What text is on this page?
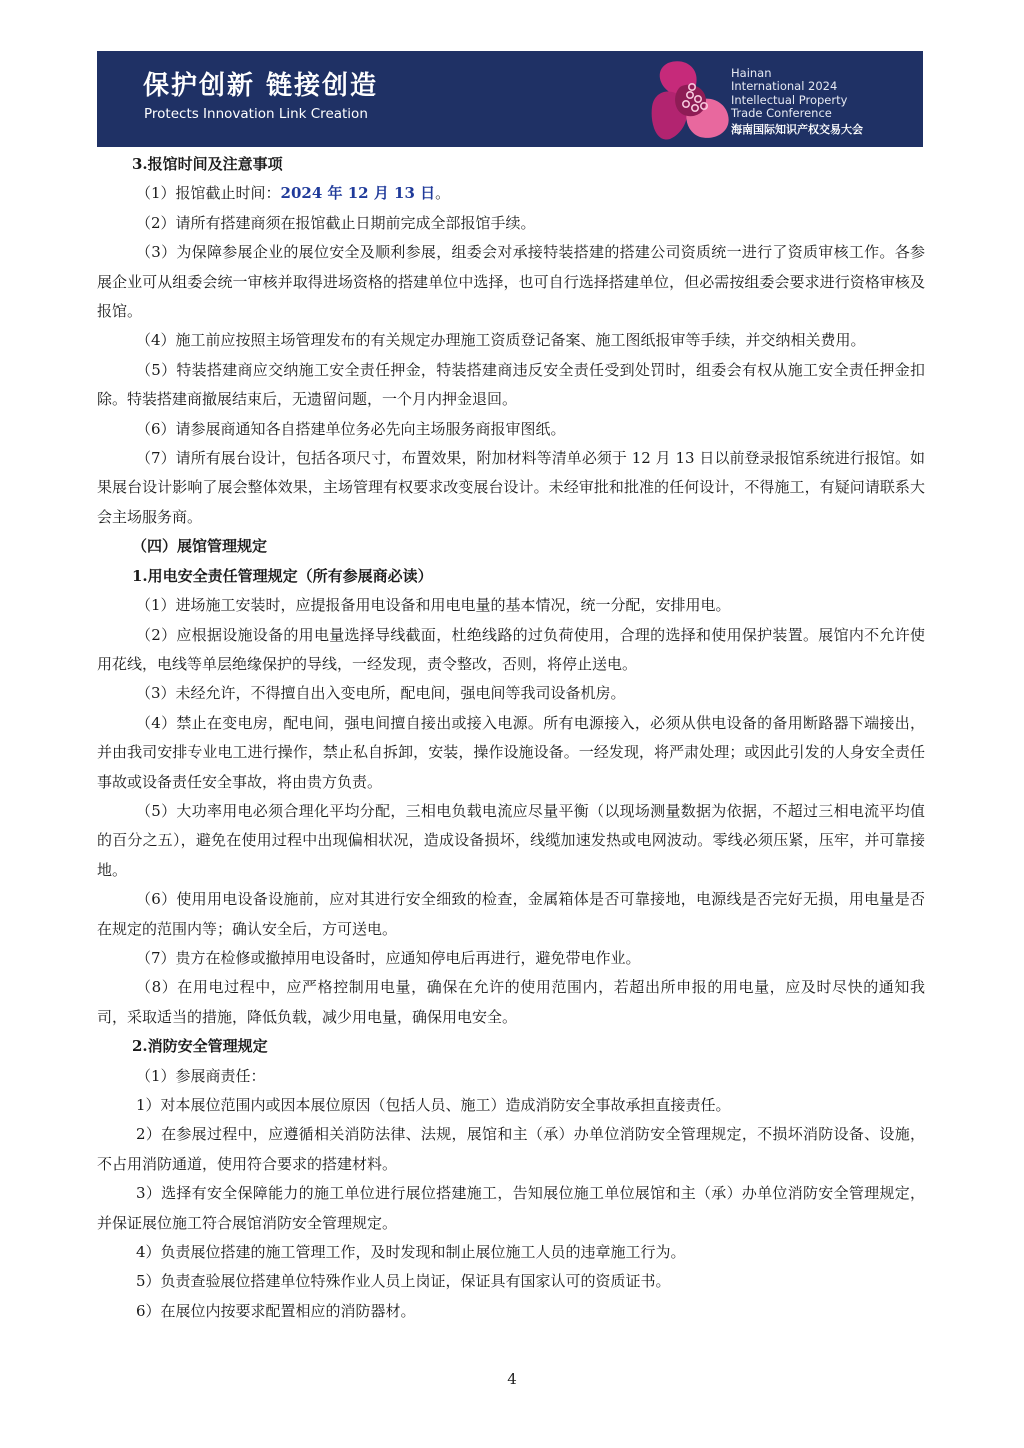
保护创新 链接创造
Protects Innovation Link Creation
Hainan
International 2024
Intellectual Property
Trade Conference
海南国际知识产权交易大会

3.报馆时间及注意事项

（1）报馆截止时间：2024 年 12 月 13 日。

（2）请所有搭建商须在报馆截止日期前完成全部报馆手续。

（3）为保障参展企业的展位安全及顺利参展，组委会对承接特装搭建的搭建公司资质统一进行了资质审核工作。各参展企业可从组委会统一审核并取得进场资格的搭建单位中选择，也可自行选择搭建单位，但必需按组委会要求进行资格审核及报馆。

（4）施工前应按照主场管理发布的有关规定办理施工资质登记备案、施工图纸报审等手续，并交纳相关费用。

（5）特装搭建商应交纳施工安全责任押金，特装搭建商违反安全责任受到处罚时，组委会有权从施工安全责任押金扣除。特装搭建商撤展结束后，无遗留问题，一个月内押金退回。

（6）请参展商通知各自搭建单位务必先向主场服务商报审图纸。

（7）请所有展台设计，包括各项尺寸，布置效果，附加材料等清单必须于 12 月 13 日以前登录报馆系统进行报馆。如果展台设计影响了展会整体效果，主场管理有权要求改变展台设计。未经审批和批准的任何设计，不得施工，有疑问请联系大会主场服务商。

（四）展馆管理规定

1.用电安全责任管理规定（所有参展商必读）

（1）进场施工安装时，应提报备用电设备和用电电量的基本情况，统一分配，安排用电。

（2）应根据设施设备的用电量选择导线截面，杜绝线路的过负荷使用，合理的选择和使用保护装置。展馆内不允许使用花线，电线等单层绝缘保护的导线，一经发现，责令整改，否则，将停止送电。

（3）未经允许，不得擅自出入变电所，配电间，强电间等我司设备机房。

（4）禁止在变电房，配电间，强电间擅自接出或接入电源。所有电源接入，必须从供电设备的备用断路器下端接出，并由我司安排专业电工进行操作，禁止私自拆卸，安装，操作设施设备。一经发现，将严肃处理；或因此引发的人身安全责任事故或设备责任安全事故，将由贵方负责。

（5）大功率用电必须合理化平均分配，三相电负载电流应尽量平衡（以现场测量数据为依据，不超过三相电流平均值的百分之五），避免在使用过程中出现偏相状况，造成设备损坏，线缆加速发热或电网波动。零线必须压紧，压牢，并可靠接地。

（6）使用用电设备设施前，应对其进行安全细致的检查，金属箱体是否可靠接地，电源线是否完好无损，用电量是否在规定的范围内等；确认安全后，方可送电。

（7）贵方在检修或撤掉用电设备时，应通知停电后再进行，避免带电作业。

（8）在用电过程中，应严格控制用电量，确保在允许的使用范围内，若超出所申报的用电量，应及时尽快的通知我司，采取适当的措施，降低负载，减少用电量，确保用电安全。

2.消防安全管理规定

（1）参展商责任：

1）对本展位范围内或因本展位原因（包括人员、施工）造成消防安全事故承担直接责任。

2）在参展过程中，应遵循相关消防法律、法规，展馆和主（承）办单位消防安全管理规定，不损坏消防设备、设施，不占用消防通道，使用符合要求的搭建材料。

3）选择有安全保障能力的施工单位进行展位搭建施工，告知展位施工单位展馆和主（承）办单位消防安全管理规定，并保证展位施工符合展馆消防安全管理规定。

4）负责展位搭建的施工管理工作，及时发现和制止展位施工人员的违章施工行为。

5）负责查验展位搭建单位特殊作业人员上岗证，保证具有国家认可的资质证书。

6）在展位内按要求配置相应的消防器材。

4
